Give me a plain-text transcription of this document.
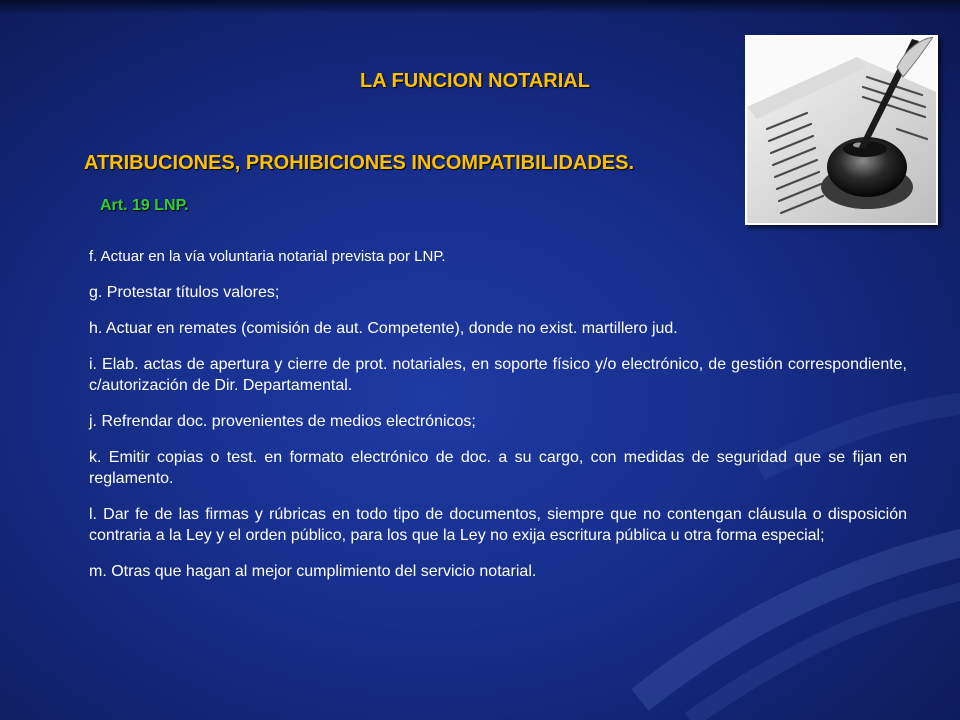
LA FUNCION NOTARIAL
ATRIBUCIONES, PROHIBICIONES INCOMPATIBILIDADES.
Art. 19 LNP.
f. Actuar en la vía voluntaria notarial prevista por LNP.
g. Protestar títulos valores;
h. Actuar en remates (comisión de aut. Competente), donde no exist. martillero jud.
i. Elab. actas de apertura y cierre de prot. notariales, en soporte físico y/o electrónico, de gestión correspondiente, c/autorización de Dir. Departamental.
j. Refrendar doc. provenientes de medios electrónicos;
k. Emitir copias o test. en formato electrónico de doc. a su cargo, con medidas de seguridad que se fijan en reglamento.
l. Dar fe de las firmas y rúbricas en todo tipo de documentos, siempre que no contengan cláusula o disposición contraria a la Ley y el orden público, para los que la Ley no exija escritura pública u otra forma especial;
m. Otras que hagan al mejor cumplimiento del servicio notarial.
